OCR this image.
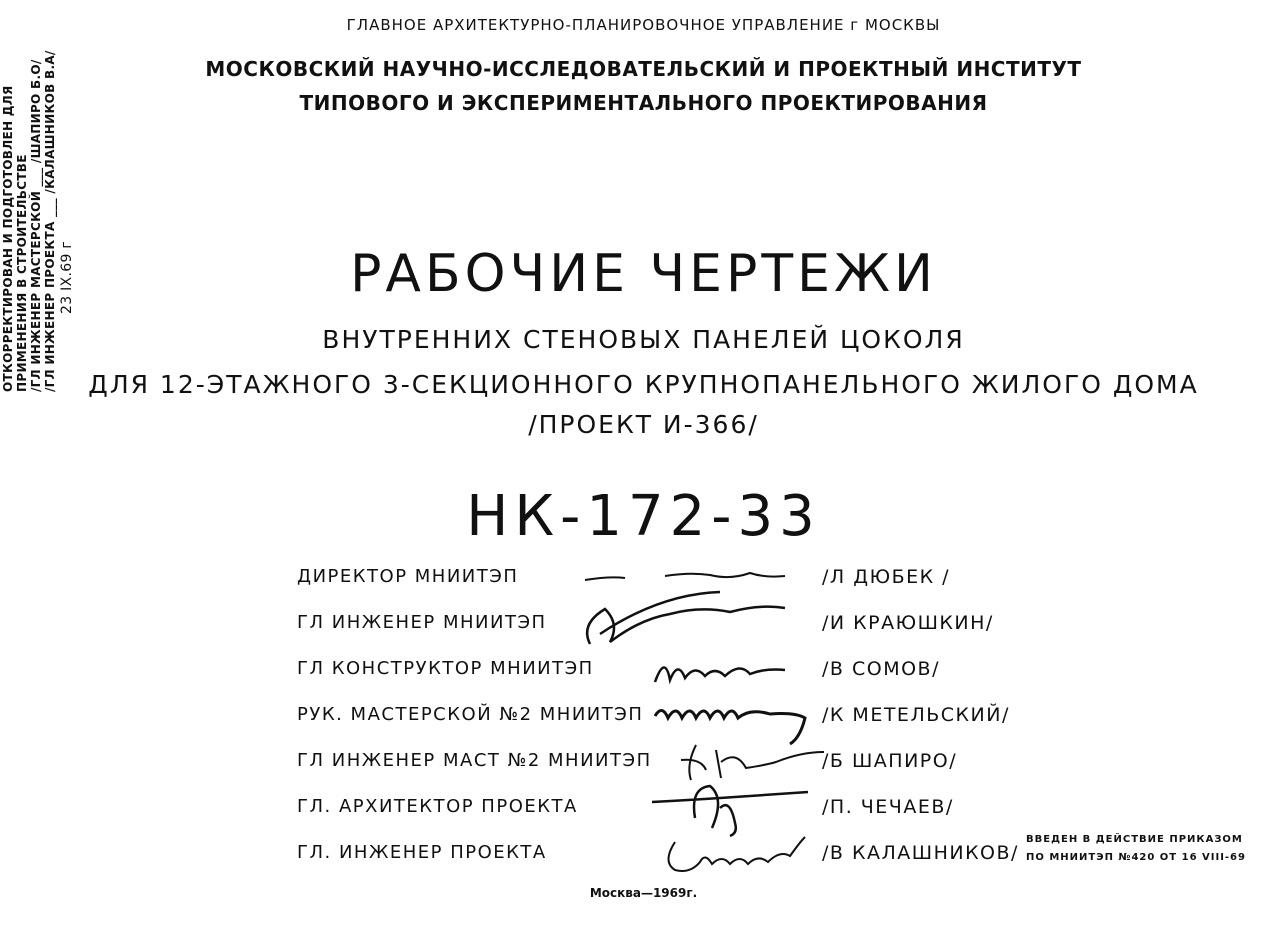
ОТКОРРЕКТИРОВАН И ПОДГОТОВЛЕН ДЛЯ ПРИМЕНЕНИЯ В СТРОИТЕЛЬСТВЕ /ГЛ ИНЖЕНЕР МАСТЕРСКОЙ ___ /ШАПИРО Б.О/ /ГЛ ИНЖЕНЕР ПРОЕКТА ___ /КАЛАШНИКОВ В.А/ 23 IX.69 г
ГЛАВНОЕ АРХИТЕКТУРНО-ПЛАНИРОВОЧНОЕ УПРАВЛЕНИЕ г МОСКВЫ
МОСКОВСКИЙ НАУЧНО-ИССЛЕДОВАТЕЛЬСКИЙ И ПРОЕКТНЫЙ ИНСТИТУТ
ТИПОВОГО И ЭКСПЕРИМЕНТАЛЬНОГО ПРОЕКТИРОВАНИЯ
РАБОЧИЕ ЧЕРТЕЖИ
ВНУТРЕННИХ СТЕНОВЫХ ПАНЕЛЕЙ ЦОКОЛЯ
ДЛЯ 12-ЭТАЖНОГО 3-СЕКЦИОННОГО КРУПНОПАНЕЛЬНОГО ЖИЛОГО ДОМА
/ПРОЕКТ И-366/
НК-172-33
ДИРЕКТОР МНИИТЭП	/Л ДЮБЕК /
ГЛ ИНЖЕНЕР МНИИТЭП	/И КРАЮШКИН/
ГЛ КОНСТРУКТОР МНИИТЭП	/В СОМОВ/
РУК. МАСТЕРСКОЙ №2 МНИИТЭП	/К МЕТЕЛЬСКИЙ/
ГЛ ИНЖЕНЕР МАСТ №2 МНИИТЭП	/Б ШАПИРО/
ГЛ. АРХИТЕКТОР ПРОЕКТА	/П. ЧЕЧАЕВ/
ГЛ. ИНЖЕНЕР ПРОЕКТА	/В КАЛАШНИКОВ/
ВВЕДЕН В ДЕЙСТВИЕ ПРИКАЗОМ
ПО МНИИТЭП №420 ОТ 16 VIII-69
Москва—1969г.
